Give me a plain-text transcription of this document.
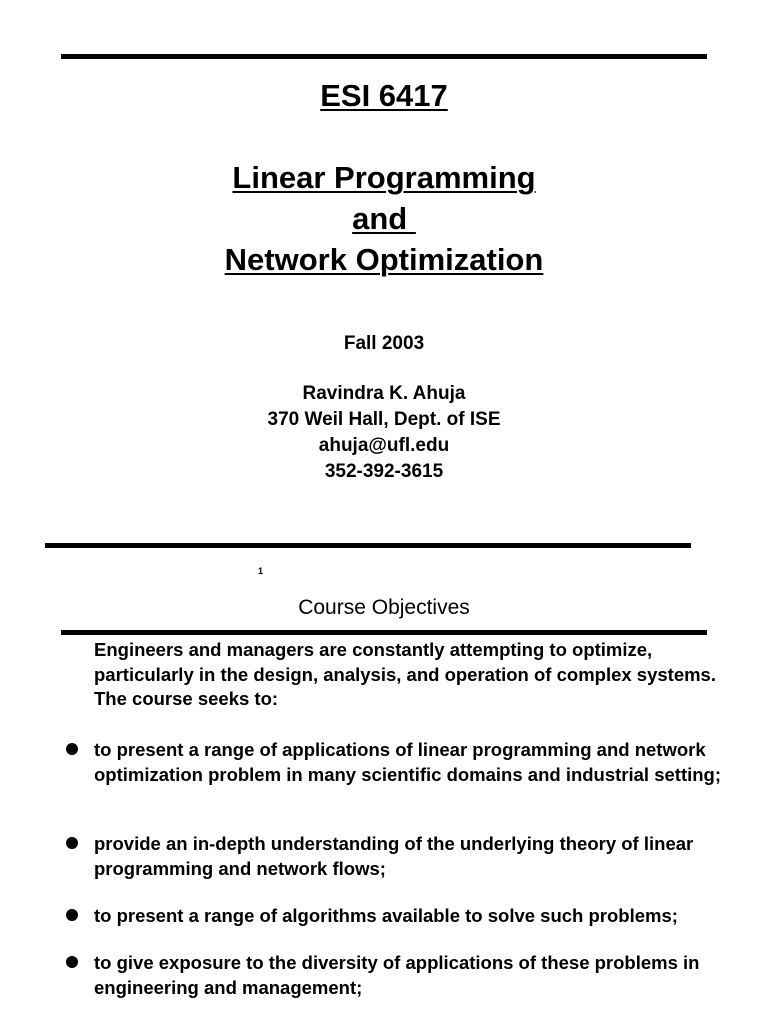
ESI 6417
Linear Programming
and
Network Optimization
Fall 2003
Ravindra K. Ahuja
370 Weil Hall, Dept. of ISE
ahuja@ufl.edu
352-392-3615
1
Course Objectives
Engineers and managers are constantly attempting to optimize, particularly in the design, analysis, and operation of complex systems. The course seeks to:
to present a range of applications of linear programming and network optimization problem in many scientific domains and industrial setting;
provide an in-depth understanding of the underlying theory of linear programming and network flows;
to present a range of algorithms available to solve such problems;
to give exposure to the diversity of applications of these problems in engineering and management;
